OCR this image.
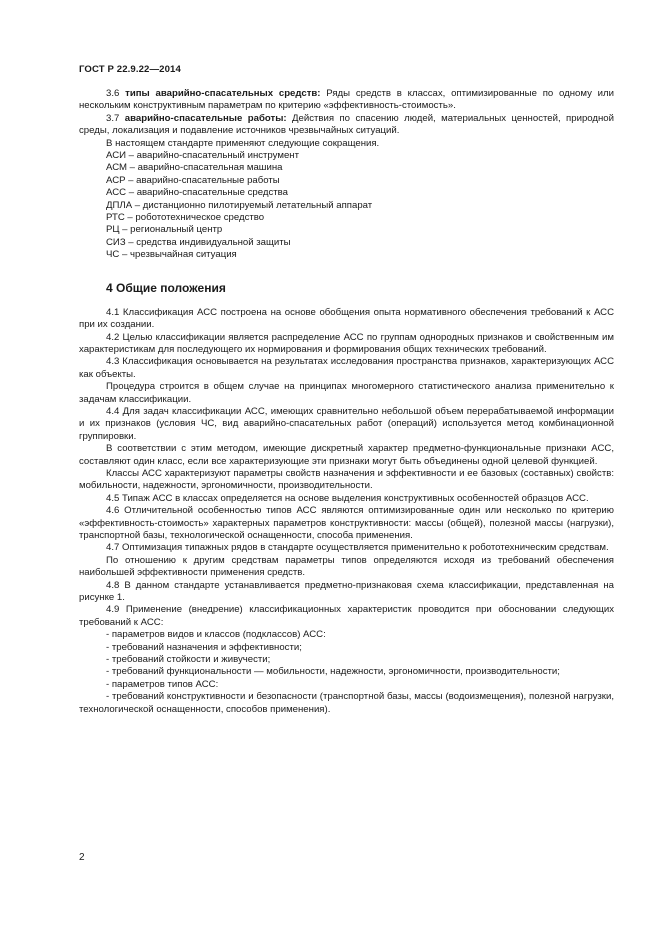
ГОСТ Р 22.9.22—2014

3.6 типы аварийно-спасательных средств: Ряды средств в классах, оптимизированные по одному или нескольким конструктивным параметрам по критерию «эффективность-стоимость».

3.7 аварийно-спасательные работы: Действия по спасению людей, материальных ценностей, природной среды, локализация и подавление источников чрезвычайных ситуаций.

В настоящем стандарте применяют следующие сокращения.

АСИ – аварийно-спасательный инструмент

АСМ – аварийно-спасательная машина

АСР – аварийно-спасательные работы

АСС – аварийно-спасательные средства

ДПЛА – дистанционно пилотируемый летательный аппарат

РТС – робототехническое средство

РЦ – региональный центр

СИЗ – средства индивидуальной защиты

ЧС – чрезвычайная ситуация

4 Общие положения

4.1 Классификация АСС построена на основе обобщения опыта нормативного обеспечения требований к АСС при их создании.

4.2 Целью классификации является распределение АСС по группам однородных признаков и свойственным им характеристикам для последующего их нормирования и формирования общих технических требований.

4.3 Классификация основывается на результатах исследования пространства признаков, характеризующих АСС как объекты.

Процедура строится в общем случае на принципах многомерного статистического анализа применительно к задачам классификации.

4.4 Для задач классификации АСС, имеющих сравнительно небольшой объем перерабатываемой информации и их признаков (условия ЧС, вид аварийно-спасательных работ (операций) используется метод комбинационной группировки.

В соответствии с этим методом, имеющие дискретный характер предметно-функциональные признаки АСС, составляют один класс, если все характеризующие эти признаки могут быть объединены одной целевой функцией.

Классы АСС характеризуют параметры свойств назначения и эффективности и ее базовых (составных) свойств: мобильности, надежности, эргономичности, производительности.

4.5 Типаж АСС в классах определяется на основе выделения конструктивных особенностей образцов АСС.

4.6 Отличительной особенностью типов АСС являются оптимизированные один или несколько по критерию «эффективность-стоимость» характерных параметров конструктивности: массы (общей), полезной массы (нагрузки), транспортной базы, технологической оснащенности, способа применения.

4.7 Оптимизация типажных рядов в стандарте осуществляется применительно к робототехническим средствам.

По отношению к другим средствам параметры типов определяются исходя из требований обеспечения наибольшей эффективности применения средств.

4.8 В данном стандарте устанавливается предметно-признаковая схема классификации, представленная на рисунке 1.

4.9 Применение (внедрение) классификационных характеристик проводится при обосновании следующих требований к АСС:

- параметров видов и классов (подклассов) АСС:

- требований назначения и эффективности;

- требований стойкости и живучести;

- требований функциональности — мобильности, надежности, эргономичности, производительности;

- параметров типов АСС:

- требований конструктивности и безопасности (транспортной базы, массы (водоизмещения), полезной нагрузки, технологической оснащенности, способов применения).

2
